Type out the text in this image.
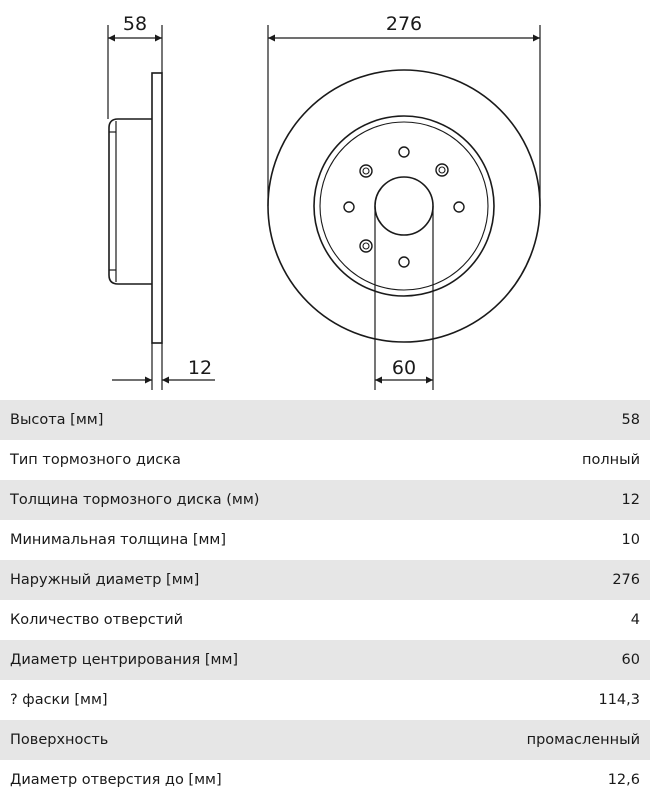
58
12
276
60
Высота [мм]	58
Тип тормозного диска	полный
Толщина тормозного диска (мм)	12
Минимальная толщина [мм]	10
Наружный диаметр [мм]	276
Количество отверстий	4
Диаметр центрирования [мм]	60
? фаски [мм]	114,3
Поверхность	промасленный
Диаметр отверстия до [мм]	12,6
